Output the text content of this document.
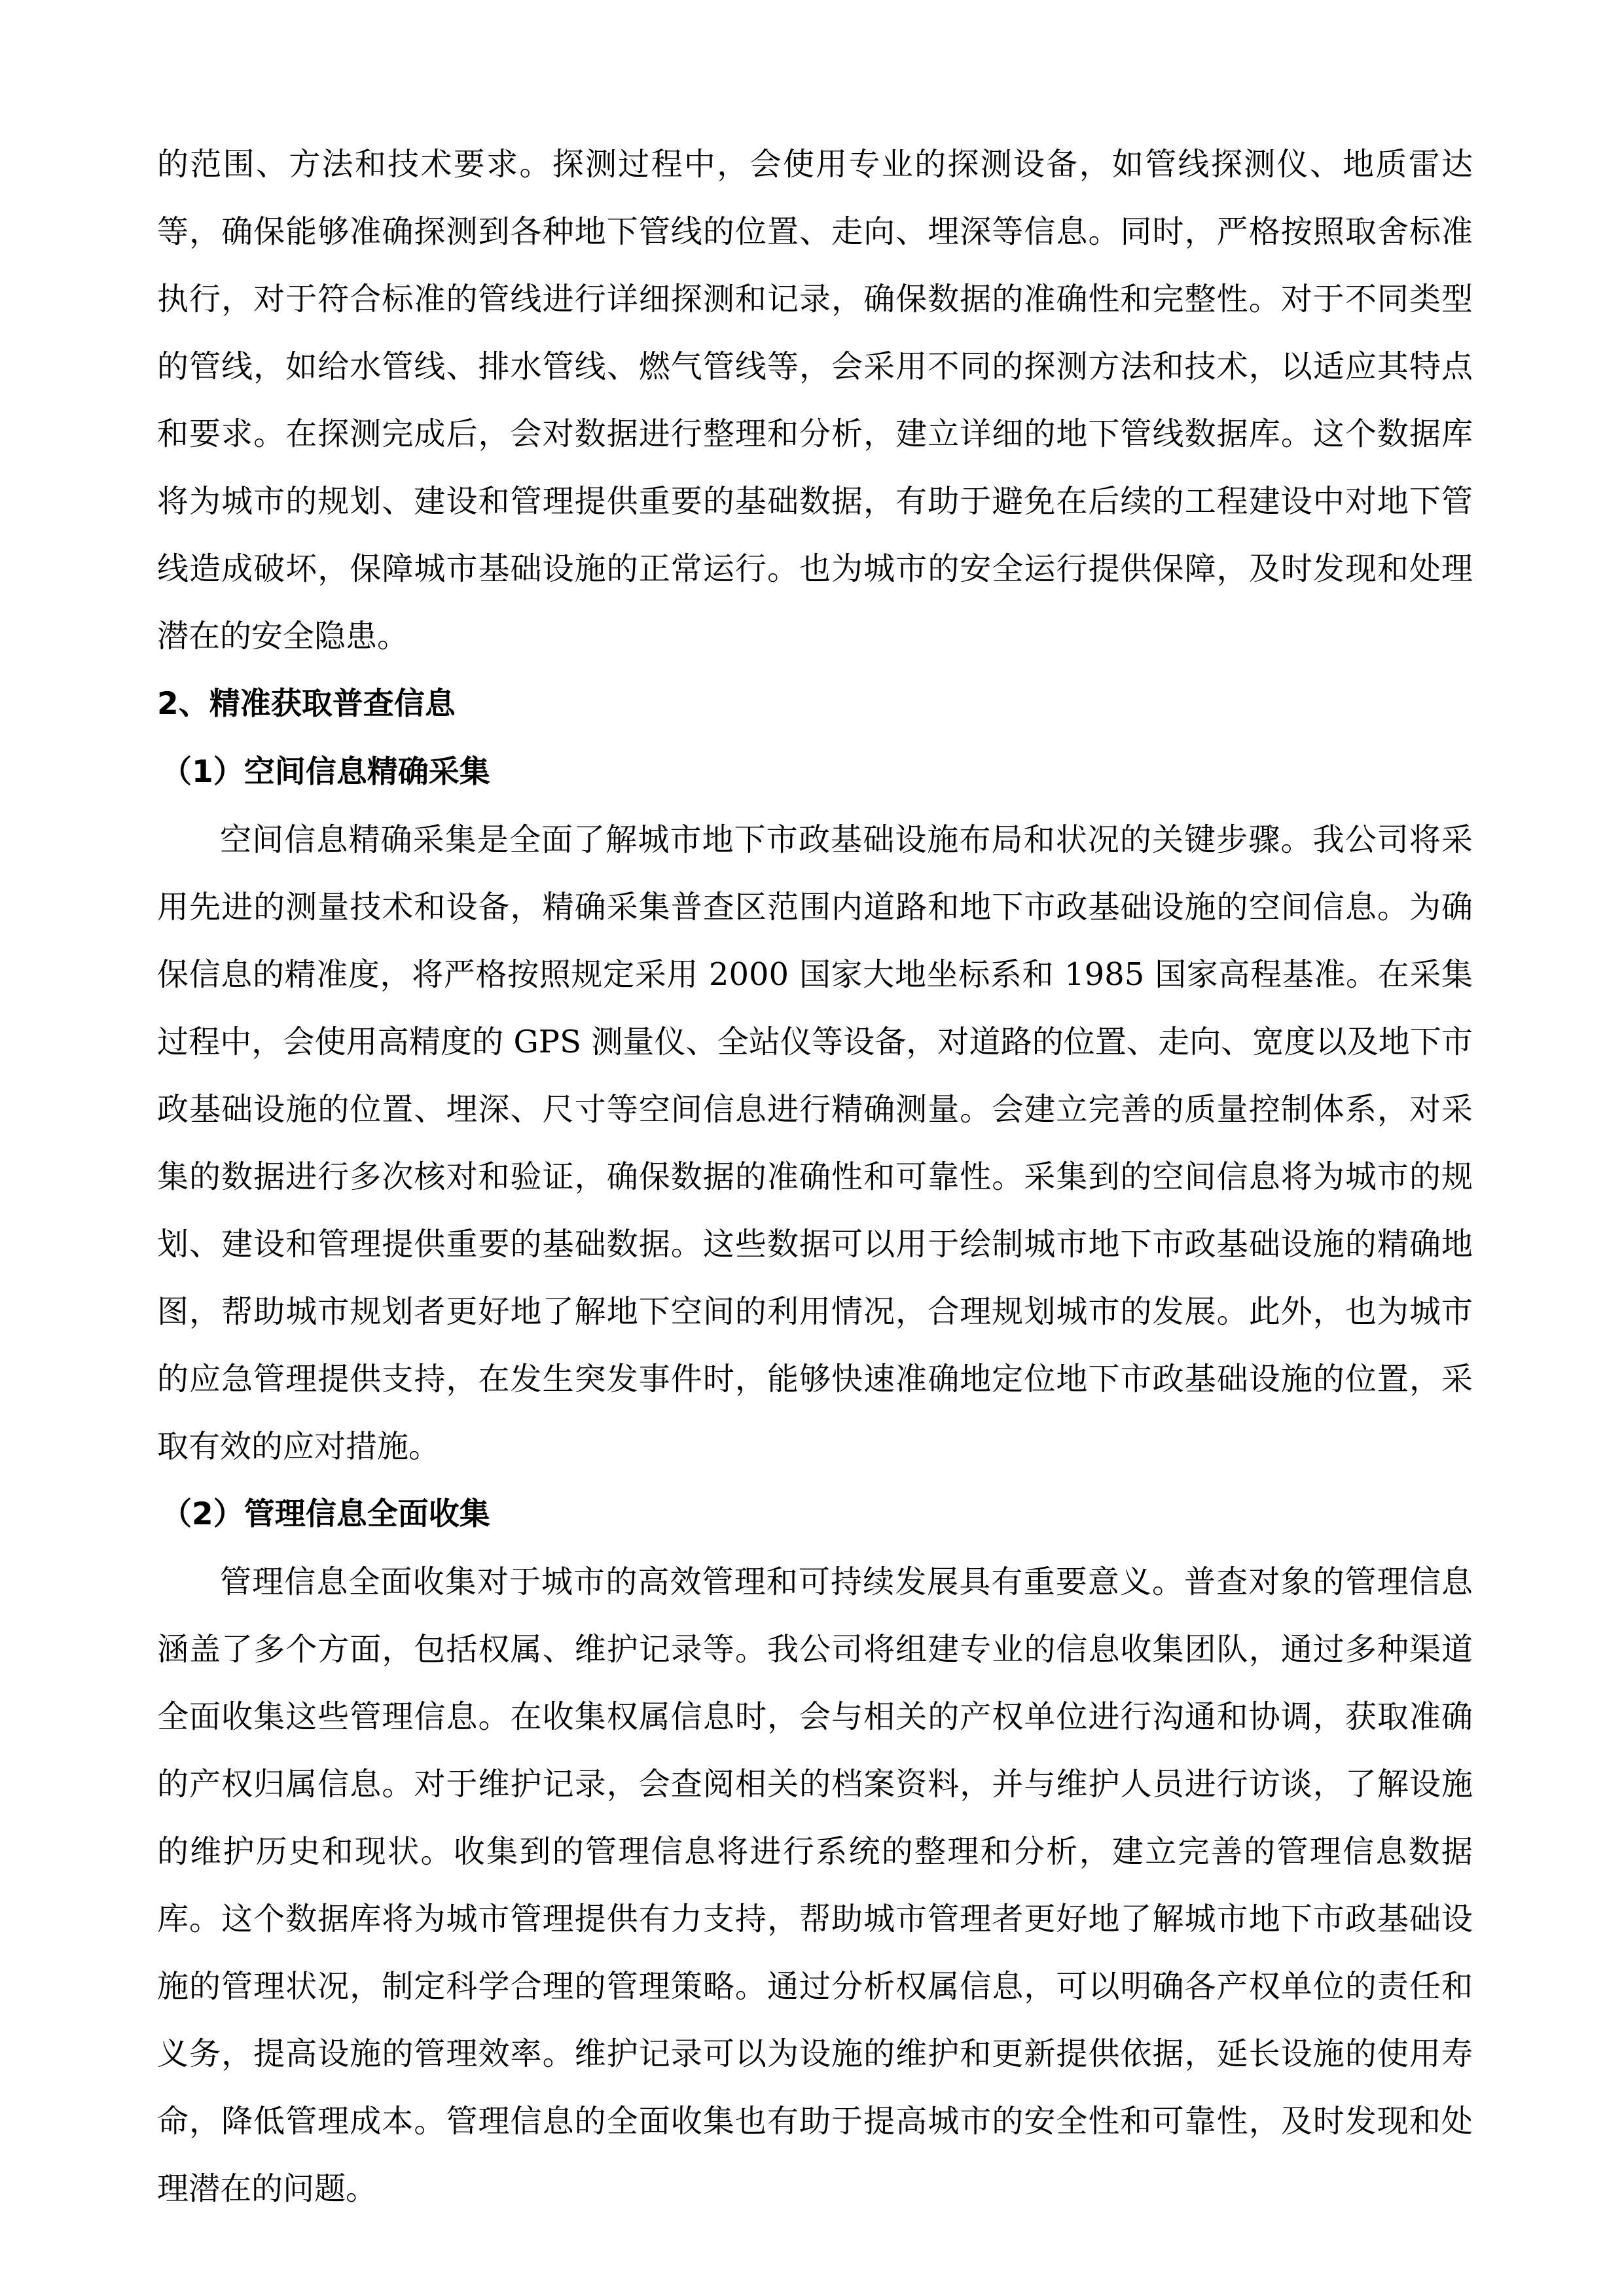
的范围、方法和技术要求。探测过程中，会使用专业的探测设备，如管线探测仪、地质雷达等，确保能够准确探测到各种地下管线的位置、走向、埋深等信息。同时，严格按照取舍标准执行，对于符合标准的管线进行详细探测和记录，确保数据的准确性和完整性。对于不同类型的管线，如给水管线、排水管线、燃气管线等，会采用不同的探测方法和技术，以适应其特点和要求。在探测完成后，会对数据进行整理和分析，建立详细的地下管线数据库。这个数据库将为城市的规划、建设和管理提供重要的基础数据，有助于避免在后续的工程建设中对地下管线造成破坏，保障城市基础设施的正常运行。也为城市的安全运行提供保障，及时发现和处理潜在的安全隐患。

2、精准获取普查信息
（1）空间信息精确采集

空间信息精确采集是全面了解城市地下市政基础设施布局和状况的关键步骤。我公司将采用先进的测量技术和设备，精确采集普查区范围内道路和地下市政基础设施的空间信息。为确保信息的精准度，将严格按照规定采用 2000 国家大地坐标系和 1985 国家高程基准。在采集过程中，会使用高精度的 GPS 测量仪、全站仪等设备，对道路的位置、走向、宽度以及地下市政基础设施的位置、埋深、尺寸等空间信息进行精确测量。会建立完善的质量控制体系，对采集的数据进行多次核对和验证，确保数据的准确性和可靠性。采集到的空间信息将为城市的规划、建设和管理提供重要的基础数据。这些数据可以用于绘制城市地下市政基础设施的精确地图，帮助城市规划者更好地了解地下空间的利用情况，合理规划城市的发展。此外，也为城市的应急管理提供支持，在发生突发事件时，能够快速准确地定位地下市政基础设施的位置，采取有效的应对措施。

（2）管理信息全面收集

管理信息全面收集对于城市的高效管理和可持续发展具有重要意义。普查对象的管理信息涵盖了多个方面，包括权属、维护记录等。我公司将组建专业的信息收集团队，通过多种渠道全面收集这些管理信息。在收集权属信息时，会与相关的产权单位进行沟通和协调，获取准确的产权归属信息。对于维护记录，会查阅相关的档案资料，并与维护人员进行访谈，了解设施的维护历史和现状。收集到的管理信息将进行系统的整理和分析，建立完善的管理信息数据库。这个数据库将为城市管理提供有力支持，帮助城市管理者更好地了解城市地下市政基础设施的管理状况，制定科学合理的管理策略。通过分析权属信息，可以明确各产权单位的责任和义务，提高设施的管理效率。维护记录可以为设施的维护和更新提供依据，延长设施的使用寿命，降低管理成本。管理信息的全面收集也有助于提高城市的安全性和可靠性，及时发现和处理潜在的问题。
